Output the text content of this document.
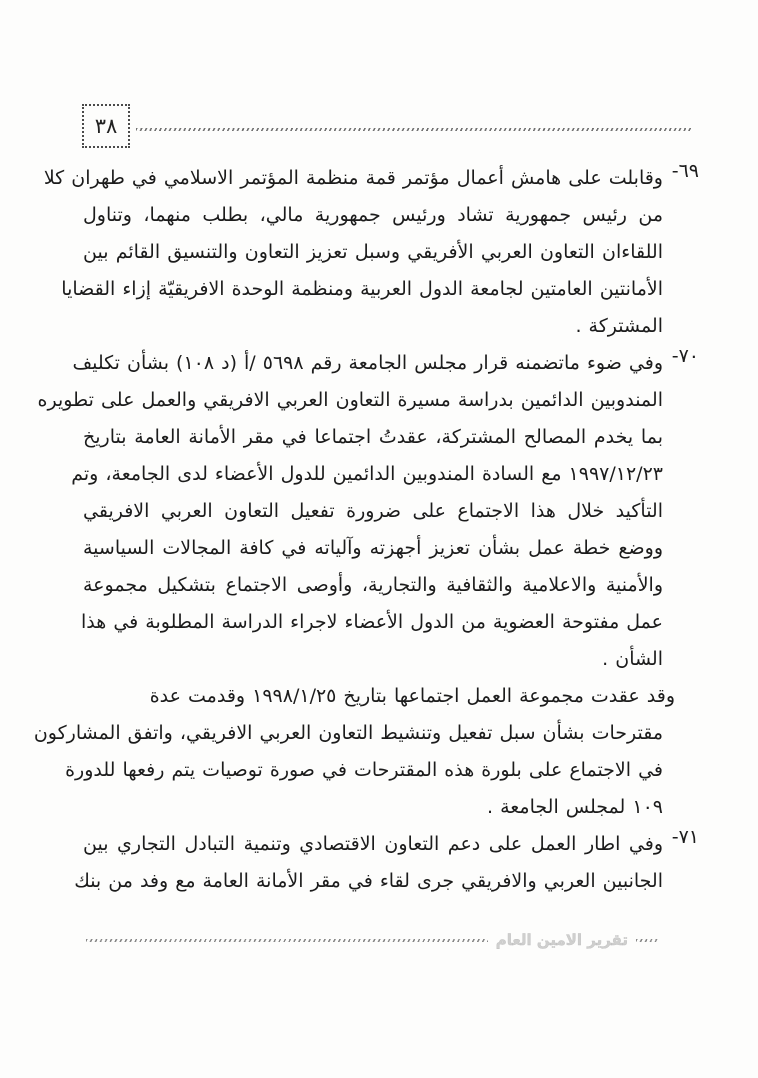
٣٨
٦٩-
وقابلت على هامش أعمال مؤتمر قمة منظمة المؤتمر الاسلامي في طهران كلا
من رئيس جمهورية تشاد ورئيس جمهورية مالي، بطلب منهما، وتناول
اللقاءان التعاون العربي الأفريقي وسبل تعزيز التعاون والتنسيق القائم بين
الأمانتين العامتين لجامعة الدول العربية ومنظمة الوحدة الافريقيّة إزاء القضايا
المشتركة .
٧٠-
وفي ضوء ماتضمنه قرار مجلس الجامعة رقم ٥٦٩٨ /أ (د ١٠٨) بشأن تكليف
المندوبين الدائمين بدراسة مسيرة التعاون العربي الافريقي والعمل على تطويره
بما يخدم المصالح المشتركة، عقدتُ اجتماعا في مقر الأمانة العامة بتاريخ
١٩٩٧/١٢/٢٣ مع السادة المندوبين الدائمين للدول الأعضاء لدى الجامعة، وتم
التأكيد خلال هذا الاجتماع على ضرورة تفعيل التعاون العربي الافريقي
ووضع خطة عمل بشأن تعزيز أجهزته وآلياته في كافة المجالات السياسية
والأمنية والاعلامية والثقافية والتجارية، وأوصى الاجتماع بتشكيل مجموعة
عمل مفتوحة العضوية من الدول الأعضاء لاجراء الدراسة المطلوبة في هذا
الشأن .
وقد عقدت مجموعة العمل اجتماعها بتاريخ ١٩٩٨/١/٢٥ وقدمت عدة
مقترحات بشأن سبل تفعيل وتنشيط التعاون العربي الافريقي، واتفق المشاركون
في الاجتماع على بلورة هذه المقترحات في صورة توصيات يتم رفعها للدورة
١٠٩ لمجلس الجامعة .
٧١-
وفي اطار العمل على دعم التعاون الاقتصادي وتنمية التبادل التجاري بين
الجانبين العربي والافريقي جرى لقاء في مقر الأمانة العامة مع وفد من بنك
تقرير الامين العام
